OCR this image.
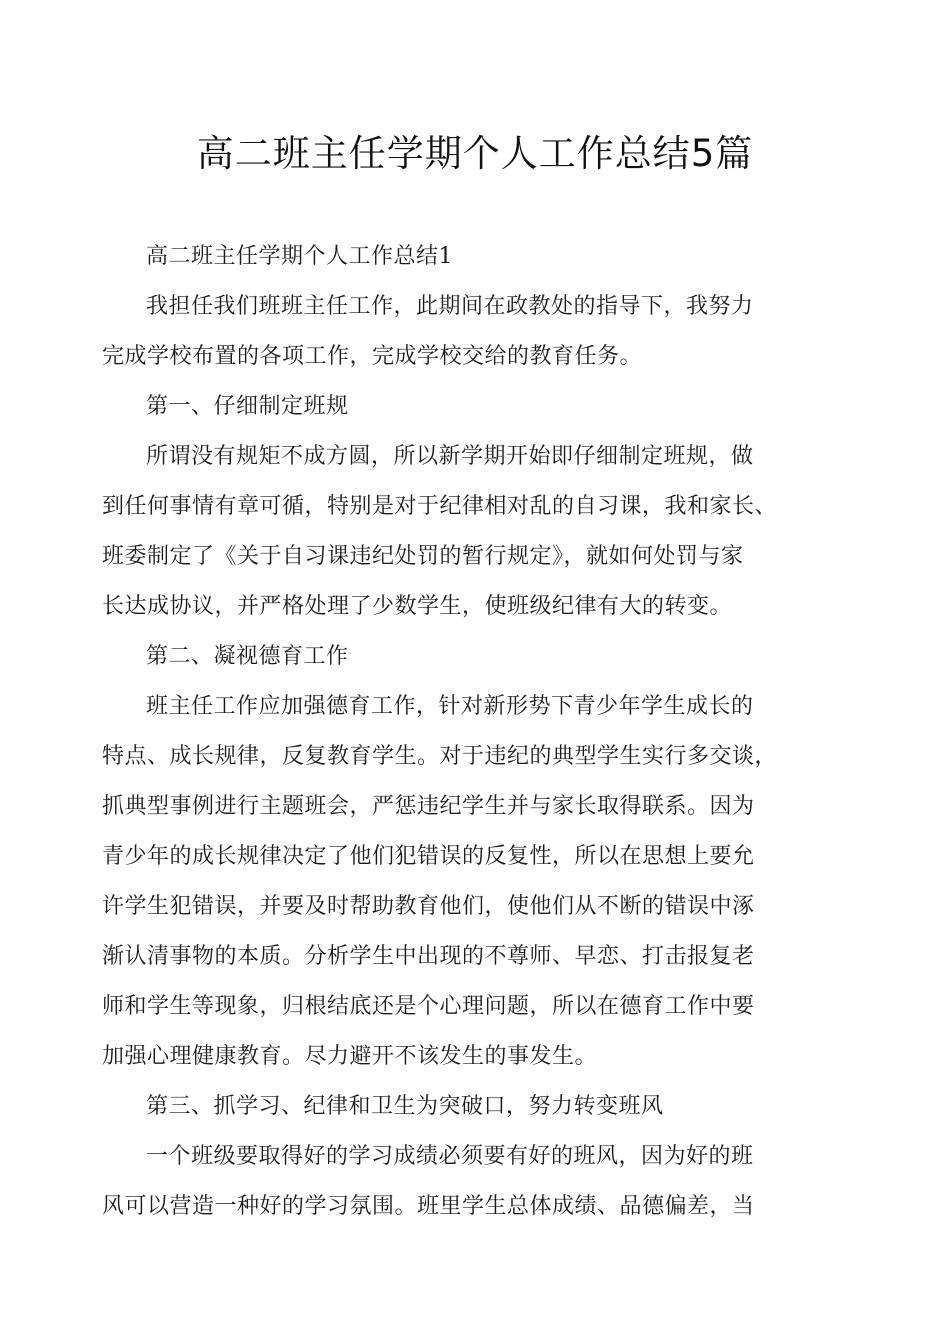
高二班主任学期个人工作总结5篇

高二班主任学期个人工作总结1

我担任我们班班主任工作，此期间在政教处的指导下，我努力
完成学校布置的各项工作，完成学校交给的教育任务。

第一、仔细制定班规

所谓没有规矩不成方圆，所以新学期开始即仔细制定班规，做
到任何事情有章可循，特别是对于纪律相对乱的自习课，我和家长、
班委制定了《关于自习课违纪处罚的暂行规定》，就如何处罚与家
长达成协议，并严格处理了少数学生，使班级纪律有大的转变。

第二、凝视德育工作

班主任工作应加强德育工作，针对新形势下青少年学生成长的
特点、成长规律，反复教育学生。对于违纪的典型学生实行多交谈，
抓典型事例进行主题班会，严惩违纪学生并与家长取得联系。因为
青少年的成长规律决定了他们犯错误的反复性，所以在思想上要允
许学生犯错误，并要及时帮助教育他们，使他们从不断的错误中涿
渐认清事物的本质。分析学生中出现的不尊师、早恋、打击报复老
师和学生等现象，归根结底还是个心理问题，所以在德育工作中要
加强心理健康教育。尽力避开不该发生的事发生。

第三、抓学习、纪律和卫生为突破口，努力转变班风

一个班级要取得好的学习成绩必须要有好的班风，因为好的班
风可以营造一种好的学习氛围。班里学生总体成绩、品德偏差，当
